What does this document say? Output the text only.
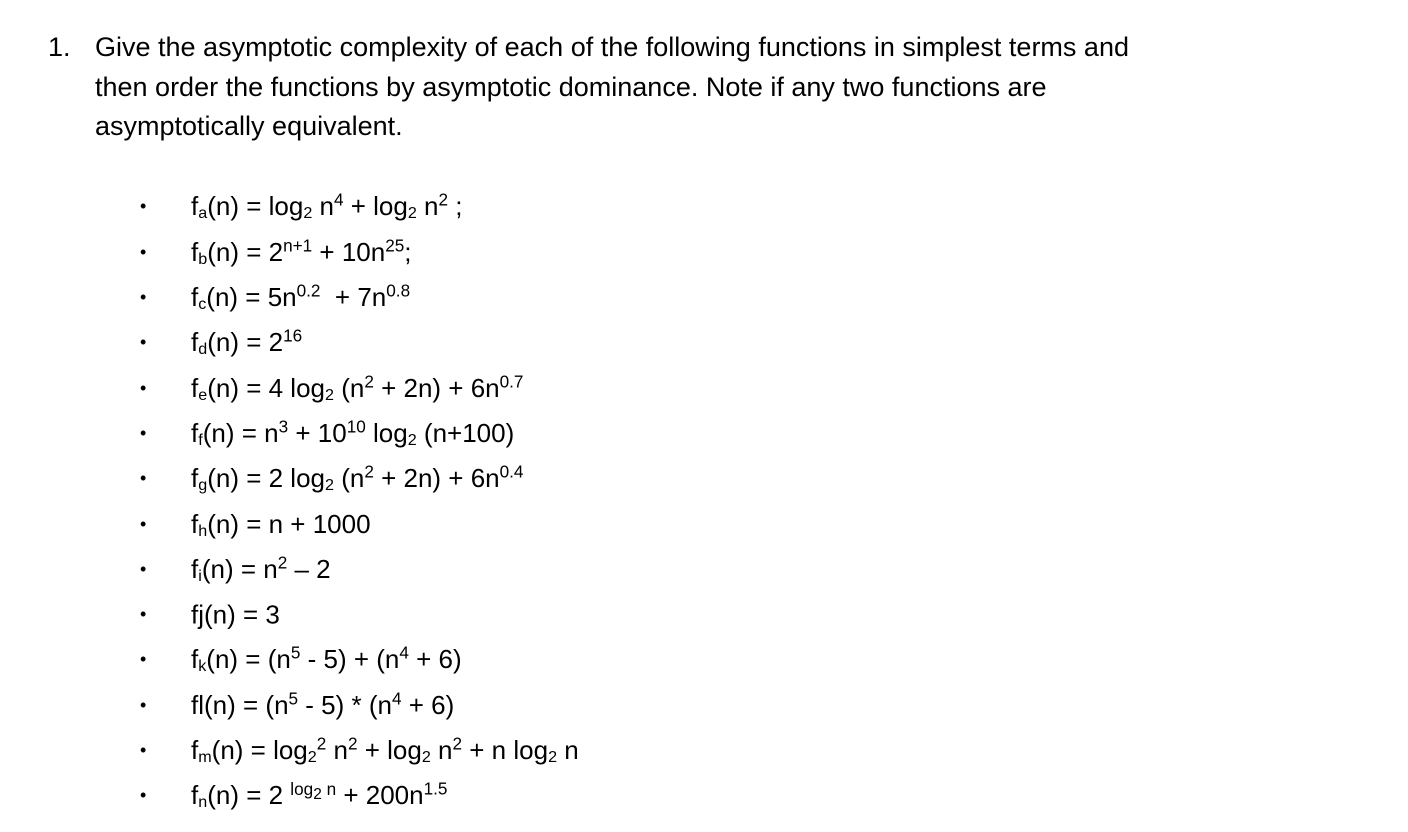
1. Give the asymptotic complexity of each of the following functions in simplest terms and
then order the functions by asymptotic dominance. Note if any two functions are
asymptotically equivalent.
• $f_a(n) = \log_2 n^4 + \log_2 n^2$ ;
• $f_b(n) = 2^{n+1} + 10n^{25}$;
• $f_c(n) = 5n^{0.2} + 7n^{0.8}$
• $f_d(n) = 2^{16}$
• $f_e(n) = 4$ $\log_2 (n^2 + 2n) + 6n^{0.7}$
• $f_f(n) = n^3 + 10^{10}$ $\log_2 (n+100)$
• $f_g(n) = 2$ $\log_2 (n^2 + 2n) + 6n^{0.4}$
• $f_h(n) = n + 1000$
• $f_i(n) = n^2 - 2$
• fj(n) = 3
• $f_k(n) = (n^5 - 5) + (n^4 + 6)$
• $fl(n) = (n^5 - 5) * (n^4 + 6)$
• $f_m(n) = \log_2^2 n^2 + \log_2 n^2 + n$ $\log_2 n$
• $f_n(n) = 2$ $^{log2 n} + 200n^{1.5}$
